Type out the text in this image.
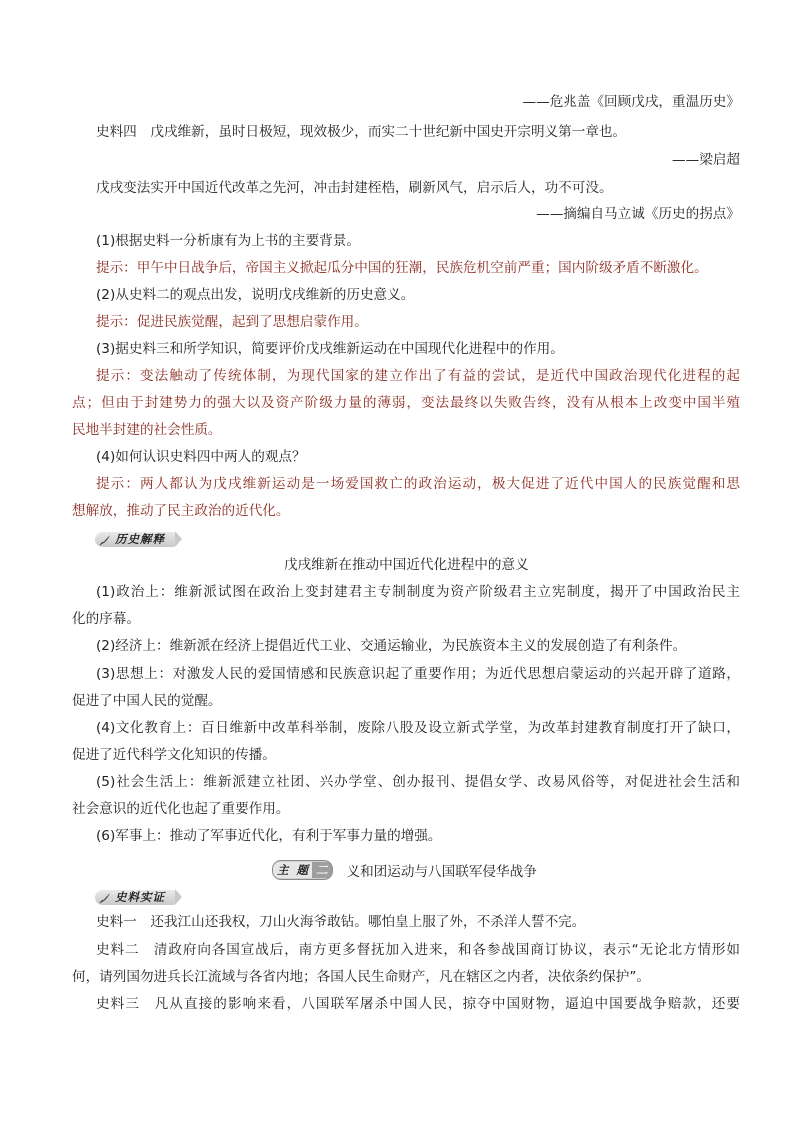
——危兆盖《回顾戊戌，重温历史》
史料四　戊戌维新，虽时日极短，现效极少，而实二十世纪新中国史开宗明义第一章也。
——梁启超
戊戌变法实开中国近代改革之先河，冲击封建桎梏，刷新风气，启示后人，功不可没。
——摘编自马立诚《历史的拐点》
(1)根据史料一分析康有为上书的主要背景。
提示：甲午中日战争后，帝国主义掀起瓜分中国的狂潮，民族危机空前严重；国内阶级矛盾不断激化。
(2)从史料二的观点出发，说明戊戌维新的历史意义。
提示：促进民族觉醒，起到了思想启蒙作用。
(3)据史料三和所学知识，简要评价戊戌维新运动在中国现代化进程中的作用。
提示：变法触动了传统体制，为现代国家的建立作出了有益的尝试，是近代中国政治现代化进程的起
点；但由于封建势力的强大以及资产阶级力量的薄弱，变法最终以失败告终，没有从根本上改变中国半殖
民地半封建的社会性质。
(4)如何认识史料四中两人的观点？
提示：两人都认为戊戌维新运动是一场爱国救亡的政治运动，极大促进了近代中国人的民族觉醒和思
想解放，推动了民主政治的近代化。
历史解释
戊戌维新在推动中国近代化进程中的意义
(1)政治上：维新派试图在政治上变封建君主专制制度为资产阶级君主立宪制度，揭开了中国政治民主
化的序幕。
(2)经济上：维新派在经济上提倡近代工业、交通运输业，为民族资本主义的发展创造了有利条件。
(3)思想上：对激发人民的爱国情感和民族意识起了重要作用；为近代思想启蒙运动的兴起开辟了道路，
促进了中国人民的觉醒。
(4)文化教育上：百日维新中改革科举制，废除八股及设立新式学堂，为改革封建教育制度打开了缺口，
促进了近代科学文化知识的传播。
(5)社会生活上：维新派建立社团、兴办学堂、创办报刊、提倡女学、改易风俗等，对促进社会生活和
社会意识的近代化也起了重要作用。
(6)军事上：推动了军事近代化，有利于军事力量的增强。
主 题 二 义和团运动与八国联军侵华战争
史料实证
史料一　还我江山还我权，刀山火海爷敢钻。哪怕皇上服了外，不杀洋人誓不完。
史料二　清政府向各国宣战后，南方更多督抚加入进来，和各参战国商订协议，表示“无论北方情形如
何，请列国勿进兵长江流域与各省内地；各国人民生命财产，凡在辖区之内者，决依条约保护”。
史料三　凡从直接的影响来看，八国联军屠杀中国人民，掠夺中国财物，逼迫中国要战争赔款，还要
